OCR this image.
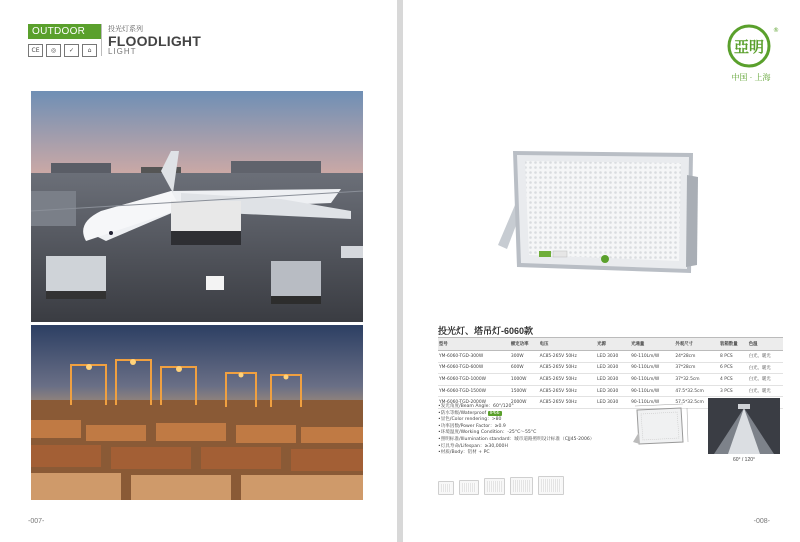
OUTDOOR
CE	◎	✓	⌂
投光灯系列
FLOODLIGHT
LIGHT
-007-
亞明
®
中国 · 上海
投光灯、塔吊灯-6060款
型号	额定功率	电压	光源	光通量	外观尺寸	装箱数量	色温
YM-6060-TGD-300W	300W	AC85-265V 50Hz	LED 3030	90-110Lm/W	24*28cm	8 PCS	白光、暖光
YM-6060-TGD-600W	600W	AC85-265V 50Hz	LED 3030	90-110Lm/W	37*28cm	6 PCS	白光、暖光
YM-6060-TGD-1000W	1000W	AC85-265V 50Hz	LED 3030	90-110Lm/W	37*32.5cm	4 PCS	白光、暖光
YM-6060-TGD-1500W	1500W	AC85-265V 50Hz	LED 3030	90-110Lm/W	47.5*32.5cm	3 PCS	白光、暖光
YM-6060-TGD-2000W	2000W	AC85-265V 50Hz	LED 3030	90-110Lm/W	57.5*32.5cm		
•发光角度/Beam Angle：60°/120°
•防水等级/Waterproof IP66
•显色/Color rendering：>80
•功率因数/Power Factor：≥0.9
•环境温度/Working Condition：-25°C～55°C
•照明标准/Illumination standard：城市道路照明设计标准（CJJ45-2006）
•灯具寿命/Lifespan：≥30,000H
•材质/Body：铝材 + PC
60° / 120°
-008-
